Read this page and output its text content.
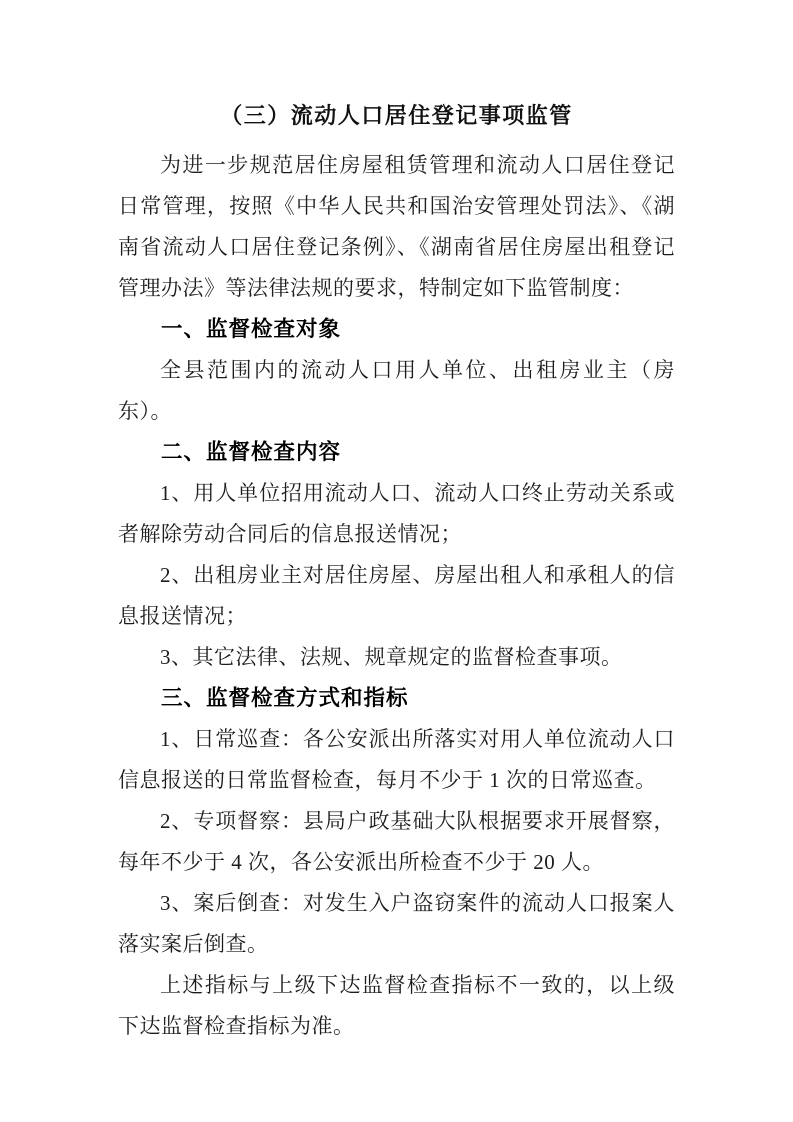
（三）流动人口居住登记事项监管

为进一步规范居住房屋租赁管理和流动人口居住登记日常管理，按照《中华人民共和国治安管理处罚法》、《湖南省流动人口居住登记条例》、《湖南省居住房屋出租登记管理办法》等法律法规的要求，特制定如下监管制度：

一、监督检查对象

全县范围内的流动人口用人单位、出租房业主（房东）。

二、监督检查内容

1、用人单位招用流动人口、流动人口终止劳动关系或者解除劳动合同后的信息报送情况；

2、出租房业主对居住房屋、房屋出租人和承租人的信息报送情况；

3、其它法律、法规、规章规定的监督检查事项。

三、监督检查方式和指标

1、日常巡查：各公安派出所落实对用人单位流动人口信息报送的日常监督检查，每月不少于 1 次的日常巡查。

2、专项督察：县局户政基础大队根据要求开展督察，每年不少于 4 次，各公安派出所检查不少于 20 人。

3、案后倒查：对发生入户盗窃案件的流动人口报案人落实案后倒查。

上述指标与上级下达监督检查指标不一致的，以上级下达监督检查指标为准。
